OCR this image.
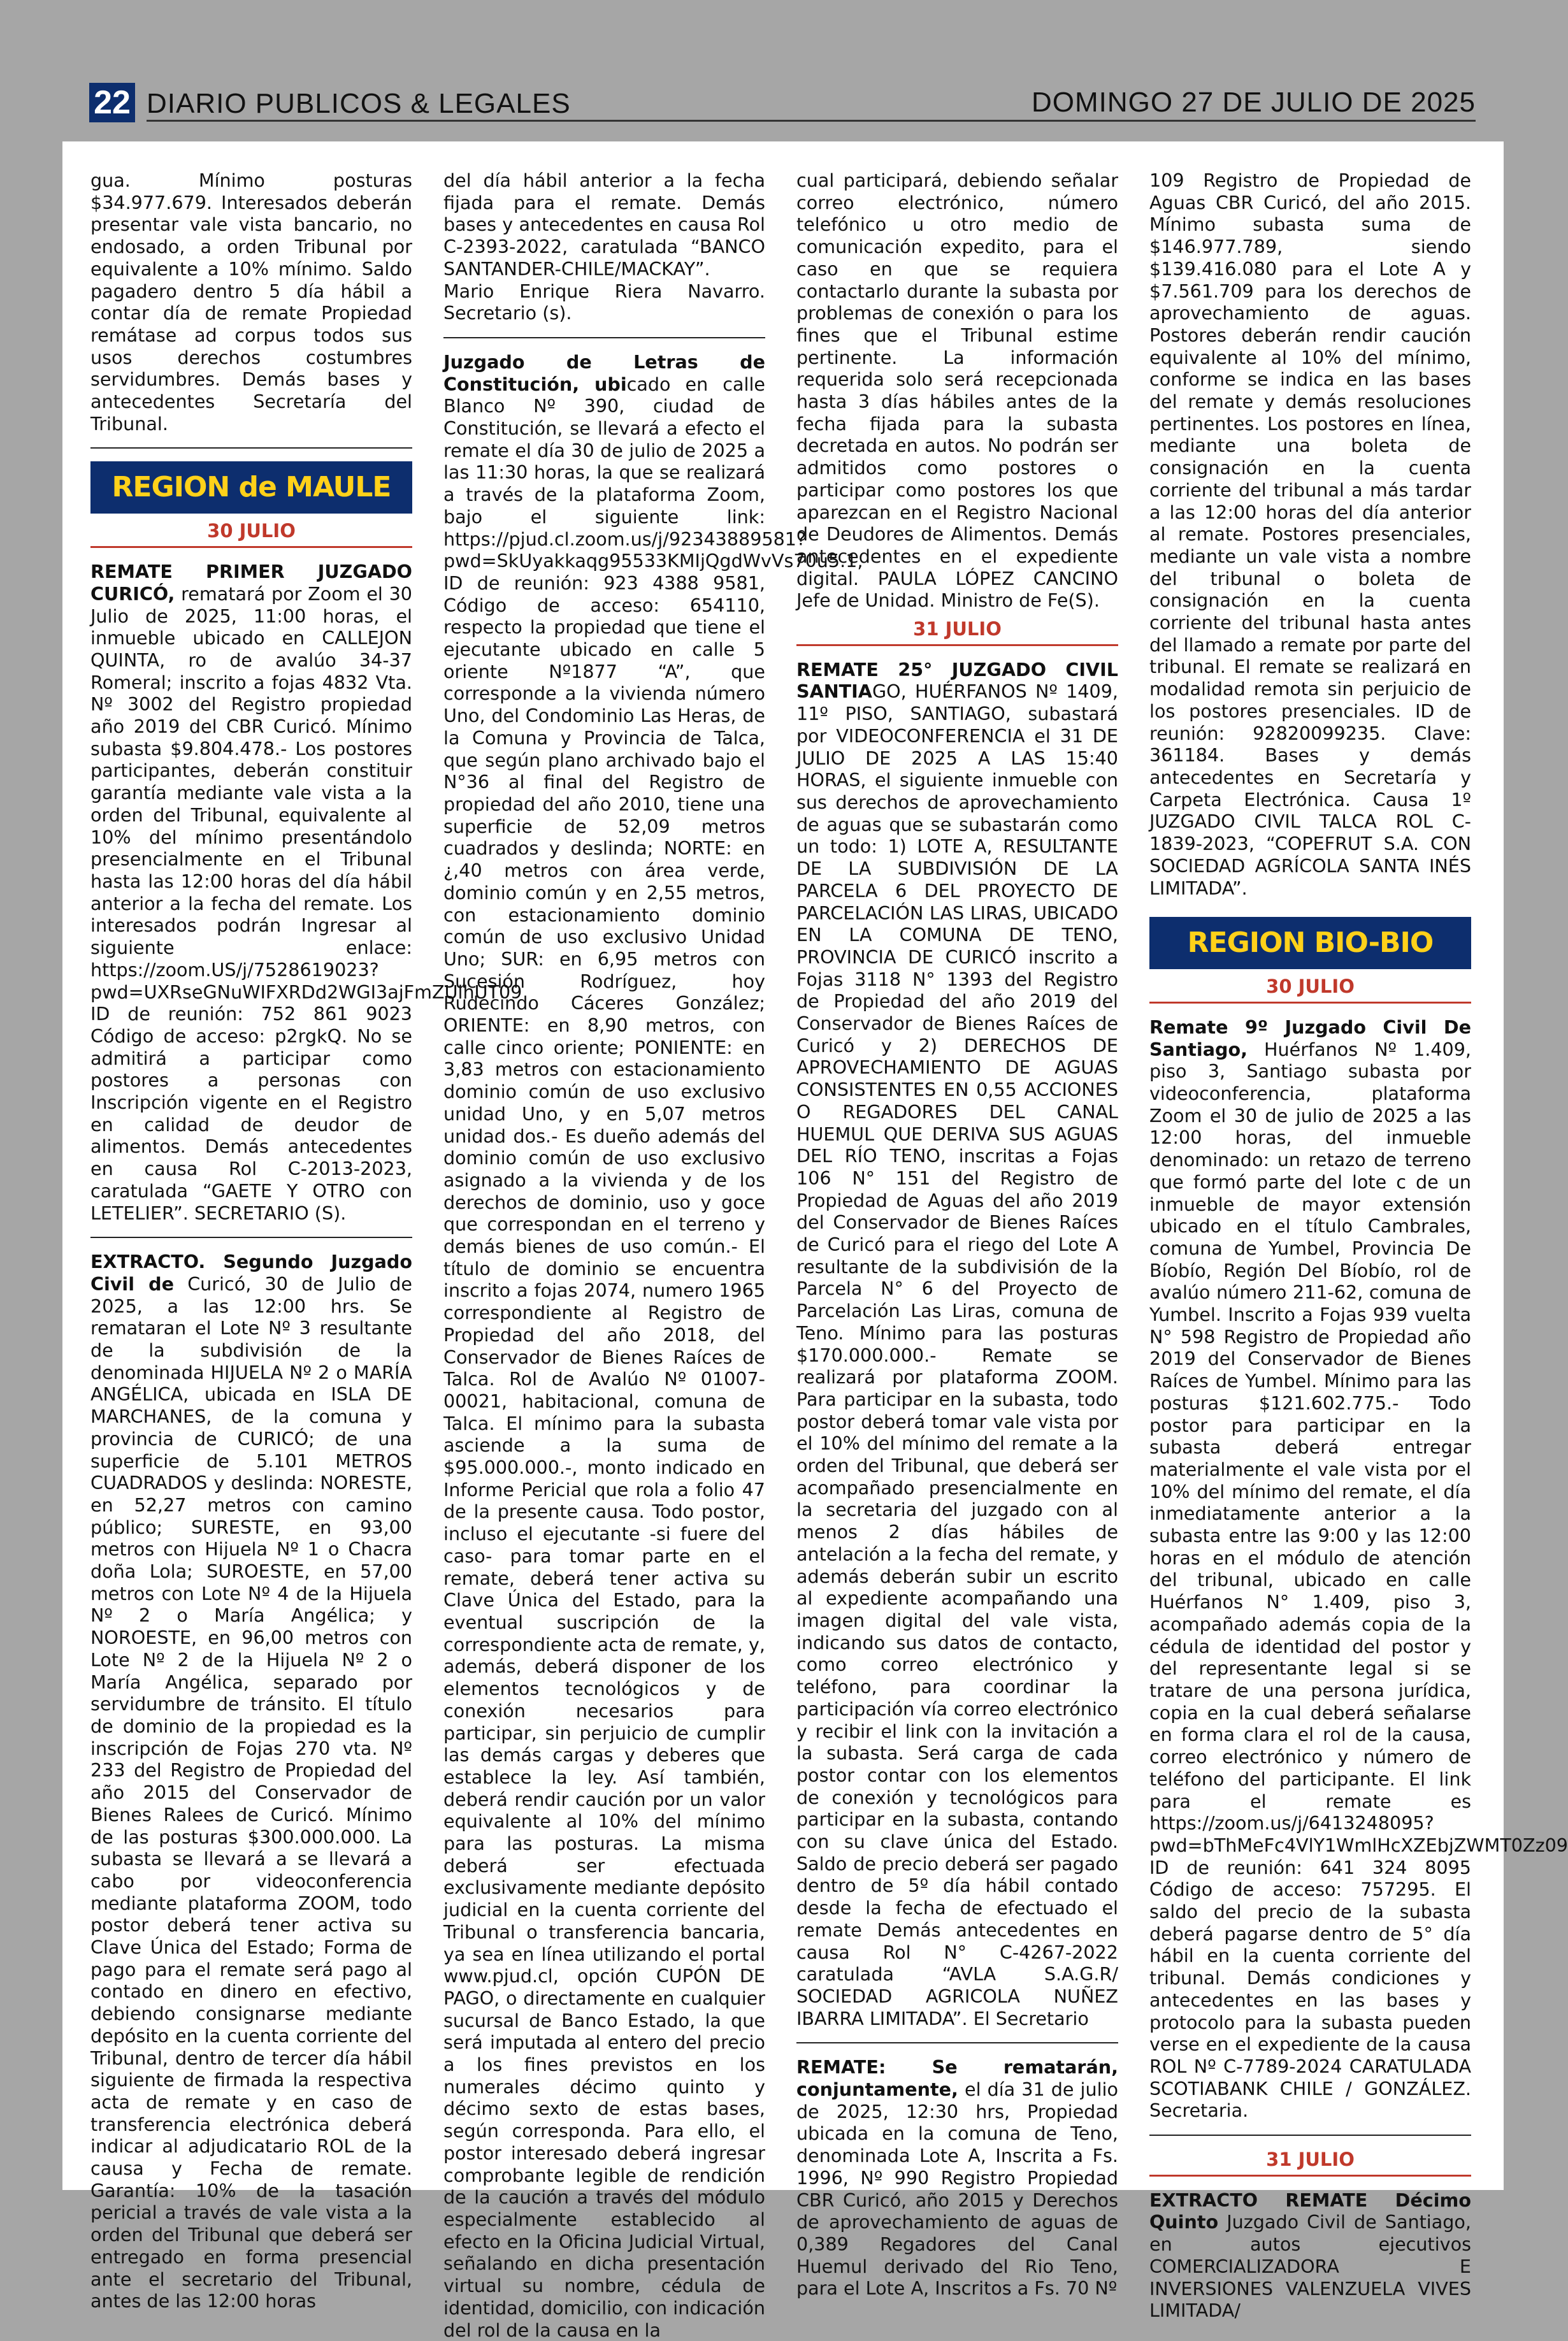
22 DIARIO PUBLICOS & LEGALES	DOMINGO 27 DE JULIO DE 2025

gua. Mínimo posturas $34.977.679. Interesados deberán presentar vale vista bancario, no endosado, a orden Tribunal por equivalente a 10% mínimo. Saldo pagadero dentro 5 día hábil a contar día de remate Propiedad remátase ad corpus todos sus usos derechos costumbres servidumbres. Demás bases y antecedentes Secretaría del Tribunal.

REGION de MAULE
30 JULIO

REMATE PRIMER JUZGADO CURICÓ, rematará por Zoom el 30 Julio de 2025, 11:00 horas, el inmueble ubicado en CALLEJON QUINTA, ro de avalúo 34-37 Romeral; inscrito a fojas 4832 Vta. Nº 3002 del Registro propiedad año 2019 del CBR Curicó. Mínimo subasta $9.804.478.- Los postores participantes, deberán constituir garantía mediante vale vista a la orden del Tribunal, equivalente al 10% del mínimo presentándolo presencialmente en el Tribunal hasta las 12:00 horas del día hábil anterior a la fecha del remate. Los interesados podrán Ingresar al siguiente enlace: https://zoom.US/j/7528619023?pwd=UXRseGNuWIFXRDd2WGI3ajFmZUlhUT09 ID de reunión: 752 861 9023 Código de acceso: p2rgkQ. No se admitirá a participar como postores a personas con Inscripción vigente en el Registro en calidad de deudor de alimentos. Demás antecedentes en causa Rol C-2013-2023, caratulada “GAETE Y OTRO con LETELIER”. SECRETARIO (S).

EXTRACTO. Segundo Juzgado Civil de Curicó, 30 de Julio de 2025, a las 12:00 hrs. Se remataran el Lote Nº 3 resultante de la subdivisión de la denominada HIJUELA Nº 2 o MARÍA ANGÉLICA, ubicada en ISLA DE MARCHANES, de la comuna y provincia de CURICÓ; de una superficie de 5.101 METROS CUADRADOS y deslinda: NORESTE, en 52,27 metros con camino público; SURESTE, en 93,00 metros con Hijuela Nº 1 o Chacra doña Lola; SUROESTE, en 57,00 metros con Lote Nº 4 de la Hijuela Nº 2 o María Angélica; y NOROESTE, en 96,00 metros con Lote Nº 2 de la Hijuela Nº 2 o María Angélica, separado por servidumbre de tránsito. El título de dominio de la propiedad es la inscripción de Fojas 270 vta. Nº 233 del Registro de Propiedad del año 2015 del Conservador de Bienes Ralees de Curicó. Mínimo de las posturas $300.000.000. La subasta se llevará a se llevará a cabo por videoconferencia mediante plataforma ZOOM, todo postor deberá tener activa su Clave Única del Estado; Forma de pago para el remate será pago al contado en dinero en efectivo, debiendo consignarse mediante depósito en la cuenta corriente del Tribunal, dentro de tercer día hábil siguiente de firmada la respectiva acta de remate y en caso de transferencia electrónica deberá indicar al adjudicatario ROL de la causa y Fecha de remate. Garantía: 10% de la tasación pericial a través de vale vista a la orden del Tribunal que deberá ser entregado en forma presencial ante el secretario del Tribunal, antes de las 12:00 horas

del día hábil anterior a la fecha fijada para el remate. Demás bases y antecedentes en causa Rol C-2393-2022, caratulada “BANCO SANTANDER-CHILE/MACKAY”. Mario Enrique Riera Navarro. Secretario (s).

Juzgado de Letras de Constitución, ubicado en calle Blanco Nº 390, ciudad de Constitución, se llevará a efecto el remate el día 30 de julio de 2025 a las 11:30 horas, la que se realizará a través de la plataforma Zoom, bajo el siguiente link: https://pjud.cl.zoom.us/j/92343889581?pwd=SkUyakkaqg95533KMIjQgdWvVs70u5.1, ID de reunión: 923 4388 9581, Código de acceso: 654110, respecto la propiedad que tiene el ejecutante ubicado en calle 5 oriente Nº1877 “A”, que corresponde a la vivienda número Uno, del Condominio Las Heras, de la Comuna y Provincia de Talca, que según plano archivado bajo el N°36 al final del Registro de propiedad del año 2010, tiene una superficie de 52,09 metros cuadrados y deslinda; NORTE: en ¿,40 metros con área verde, dominio común y en 2,55 metros, con estacionamiento dominio común de uso exclusivo Unidad Uno; SUR: en 6,95 metros con Sucesión Rodríguez, hoy Rudecindo Cáceres González; ORIENTE: en 8,90 metros, con calle cinco oriente; PONIENTE: en 3,83 metros con estacionamiento dominio común de uso exclusivo unidad Uno, y en 5,07 metros unidad dos.- Es dueño además del dominio común de uso exclusivo asignado a la vivienda y de los derechos de dominio, uso y goce que correspondan en el terreno y demás bienes de uso común.- El título de dominio se encuentra inscrito a fojas 2074, numero 1965 correspondiente al Registro de Propiedad del año 2018, del Conservador de Bienes Raíces de Talca. Rol de Avalúo Nº 01007-00021, habitacional, comuna de Talca. El mínimo para la subasta asciende a la suma de $95.000.000.-, monto indicado en Informe Pericial que rola a folio 47 de la presente causa. Todo postor, incluso el ejecutante -si fuere del caso- para tomar parte en el remate, deberá tener activa su Clave Única del Estado, para la eventual suscripción de la correspondiente acta de remate, y, además, deberá disponer de los elementos tecnológicos y de conexión necesarios para participar, sin perjuicio de cumplir las demás cargas y deberes que establece la ley. Así también, deberá rendir caución por un valor equivalente al 10% del mínimo para las posturas. La misma deberá ser efectuada exclusivamente mediante depósito judicial en la cuenta corriente del Tribunal o transferencia bancaria, ya sea en línea utilizando el portal www.pjud.cl, opción CUPÓN DE PAGO, o directamente en cualquier sucursal de Banco Estado, la que será imputada al entero del precio a los fines previstos en los numerales décimo quinto y décimo sexto de estas bases, según corresponda. Para ello, el postor interesado deberá ingresar comprobante legible de rendición de la caución a través del módulo especialmente establecido al efecto en la Oficina Judicial Virtual, señalando en dicha presentación virtual su nombre, cédula de identidad, domicilio, con indicación del rol de la causa en la

cual participará, debiendo señalar correo electrónico, número telefónico u otro medio de comunicación expedito, para el caso en que se requiera contactarlo durante la subasta por problemas de conexión o para los fines que el Tribunal estime pertinente. La información requerida solo será recepcionada hasta 3 días hábiles antes de la fecha fijada para la subasta decretada en autos. No podrán ser admitidos como postores o participar como postores los que aparezcan en el Registro Nacional de Deudores de Alimentos. Demás antecedentes en el expediente digital. PAULA LÓPEZ CANCINO Jefe de Unidad. Ministro de Fe(S).

31 JULIO

REMATE 25° JUZGADO CIVIL SANTIAGO, HUÉRFANOS Nº 1409, 11º PISO, SANTIAGO, subastará por VIDEOCONFERENCIA el 31 DE JULIO DE 2025 A LAS 15:40 HORAS, el siguiente inmueble con sus derechos de aprovechamiento de aguas que se subastarán como un todo: 1) LOTE A, RESULTANTE DE LA SUBDIVISIÓN DE LA PARCELA 6 DEL PROYECTO DE PARCELACIÓN LAS LIRAS, UBICADO EN LA COMUNA DE TENO, PROVINCIA DE CURICÓ inscrito a Fojas 3118 N° 1393 del Registro de Propiedad del año 2019 del Conservador de Bienes Raíces de Curicó y 2) DERECHOS DE APROVECHAMIENTO DE AGUAS CONSISTENTES EN 0,55 ACCIONES O REGADORES DEL CANAL HUEMUL QUE DERIVA SUS AGUAS DEL RÍO TENO, inscritas a Fojas 106 N° 151 del Registro de Propiedad de Aguas del año 2019 del Conservador de Bienes Raíces de Curicó para el riego del Lote A resultante de la subdivisión de la Parcela N° 6 del Proyecto de Parcelación Las Liras, comuna de Teno. Mínimo para las posturas $170.000.000.- Remate se realizará por plataforma ZOOM. Para participar en la subasta, todo postor deberá tomar vale vista por el 10% del mínimo del remate a la orden del Tribunal, que deberá ser acompañado presencialmente en la secretaria del juzgado con al menos 2 días hábiles de antelación a la fecha del remate, y además deberán subir un escrito al expediente acompañando una imagen digital del vale vista, indicando sus datos de contacto, como correo electrónico y teléfono, para coordinar la participación vía correo electrónico y recibir el link con la invitación a la subasta. Será carga de cada postor contar con los elementos de conexión y tecnológicos para participar en la subasta, contando con su clave única del Estado. Saldo de precio deberá ser pagado dentro de 5º día hábil contado desde la fecha de efectuado el remate Demás antecedentes en causa Rol N° C-4267-2022 caratulada “AVLA S.A.G.R/ SOCIEDAD AGRICOLA NUÑEZ IBARRA LIMITADA”. El Secretario

REMATE: Se rematarán, conjuntamente, el día 31 de julio de 2025, 12:30 hrs, Propiedad ubicada en la comuna de Teno, denominada Lote A, Inscrita a Fs. 1996, Nº 990 Registro Propiedad CBR Curicó, año 2015 y Derechos de aprovechamiento de aguas de 0,389 Regadores del Canal Huemul derivado del Rio Teno, para el Lote A, Inscritos a Fs. 70 Nº

109 Registro de Propiedad de Aguas CBR Curicó, del año 2015. Mínimo subasta suma de $146.977.789, siendo $139.416.080 para el Lote A y $7.561.709 para los derechos de aprovechamiento de aguas. Postores deberán rendir caución equivalente al 10% del mínimo, conforme se indica en las bases del remate y demás resoluciones pertinentes. Los postores en línea, mediante una boleta de consignación en la cuenta corriente del tribunal a más tardar a las 12:00 horas del día anterior al remate. Postores presenciales, mediante un vale vista a nombre del tribunal o boleta de consignación en la cuenta corriente del tribunal hasta antes del llamado a remate por parte del tribunal. El remate se realizará en modalidad remota sin perjuicio de los postores presenciales. ID de reunión: 92820099235. Clave: 361184. Bases y demás antecedentes en Secretaría y Carpeta Electrónica. Causa 1º JUZGADO CIVIL TALCA ROL C-1839-2023, “COPEFRUT S.A. CON SOCIEDAD AGRÍCOLA SANTA INÉS LIMITADA”.

REGION BIO-BIO
30 JULIO

Remate 9º Juzgado Civil De Santiago, Huérfanos Nº 1.409, piso 3, Santiago subasta por videoconferencia, plataforma Zoom el 30 de julio de 2025 a las 12:00 horas, del inmueble denominado: un retazo de terreno que formó parte del lote c de un inmueble de mayor extensión ubicado en el título Cambrales, comuna de Yumbel, Provincia De Bíobío, Región Del Bíobío, rol de avalúo número 211-62, comuna de Yumbel. Inscrito a Fojas 939 vuelta N° 598 Registro de Propiedad año 2019 del Conservador de Bienes Raíces de Yumbel. Mínimo para las posturas $121.602.775.- Todo postor para participar en la subasta deberá entregar materialmente el vale vista por el 10% del mínimo del remate, el día inmediatamente anterior a la subasta entre las 9:00 y las 12:00 horas en el módulo de atención del tribunal, ubicado en calle Huérfanos N° 1.409, piso 3, acompañado además copia de la cédula de identidad del postor y del representante legal si se tratare de una persona jurídica, copia en la cual deberá señalarse en forma clara el rol de la causa, correo electrónico y número de teléfono del participante. El link para el remate es https://zoom.us/j/6413248095?pwd=bThMeFc4VlY1WmlHcXZEbjZWMT0Zz09 ID de reunión: 641 324 8095 Código de acceso: 757295. El saldo del precio de la subasta deberá pagarse dentro de 5° día hábil en la cuenta corriente del tribunal. Demás condiciones y antecedentes en las bases y protocolo para la subasta pueden verse en el expediente de la causa ROL Nº C-7789-2024 CARATULADA SCOTIABANK CHILE / GONZÁLEZ. Secretaria.

31 JULIO

EXTRACTO REMATE Décimo Quinto Juzgado Civil de Santiago, en autos ejecutivos COMERCIALIZADORA E INVERSIONES VALENZUELA VIVES LIMITADA/
